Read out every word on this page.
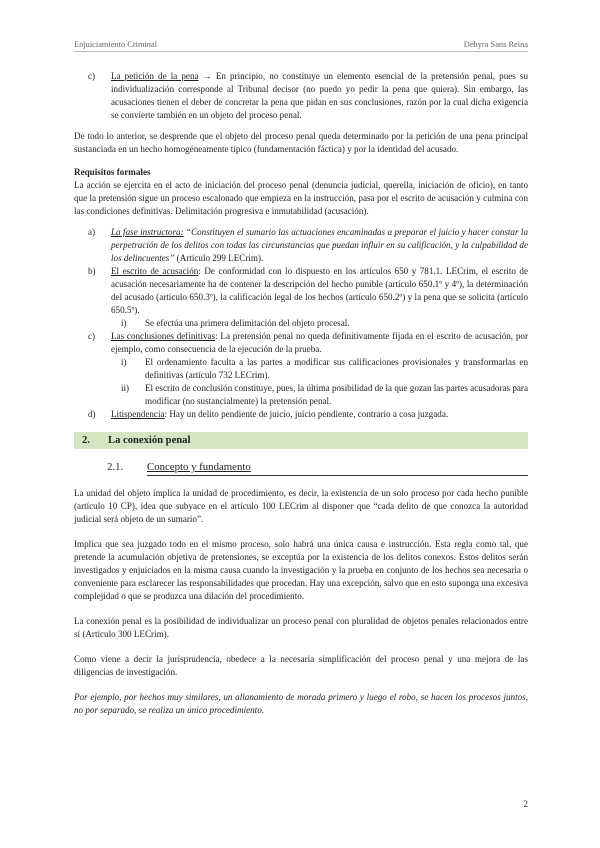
Enjuiciamiento Criminal	Dehyra Sans Reina
c) La petición de la pena → En principio, no constituye un elemento esencial de la pretensión penal, pues su individualización corresponde al Tribunal decisor (no puedo yo pedir la pena que quiera). Sin embargo, las acusaciones tienen el deber de concretar la pena que pidan en sus conclusiones, razón por la cual dicha exigencia se convierte también en un objeto del proceso penal.

De todo lo anterior, se desprende que el objeto del proceso penal queda determinado por la petición de una pena principal sustanciada en un hecho homogéneamente típico (fundamentación fáctica) y por la identidad del acusado.

Requisitos formales

La acción se ejercita en el acto de iniciación del proceso penal (denuncia judicial, querella, iniciación de oficio), en tanto que la pretensión sigue un proceso escalonado que empieza en la instrucción, pasa por el escrito de acusación y culmina con las condiciones definitivas. Delimitación progresiva e inmutabilidad (acusación).

a) La fase instructora: “Constituyen el sumario las actuaciones encaminadas a preparar el juicio y hacer constar la perpetración de los delitos con todas las circunstancias que puedan influir en su calificación, y la culpabilidad de los delincuentes” (Artículo 299 LECrim).
b) El escrito de acusación: De conformidad con lo dispuesto en los artículos 650 y 781.1. LECrim, el escrito de acusación necesariamente ha de contener la descripción del hecho punible (artículo 650.1º y 4º), la determinación del acusado (artículo 650.3º), la calificación legal de los hechos (artículo 650.2º) y la pena que se solicita (artículo 650.5º).
i) Se efectúa una primera delimitación del objeto procesal.
c) Las conclusiones definitivas: La pretensión penal no queda definitivamente fijada en el escrito de acusación, por ejemplo, como consecuencia de la ejecución de la prueba.
i) El ordenamiento faculta a las partes a modificar sus calificaciones provisionales y transformarlas en definitivas (artículo 732 LECrim).
ii) El escrito de conclusión constituye, pues, la última posibilidad de la que gozan las partes acusadoras para modificar (no sustancialmente) la pretensión penal.
d) Litispendencia: Hay un delito pendiente de juicio, juicio pendiente, contrario a cosa juzgada.
2. La conexión penal
2.1. Concepto y fundamento

La unidad del objeto implica la unidad de procedimiento, es decir, la existencia de un solo proceso por cada hecho punible (artículo 10 CP), idea que subyace en el artículo 100 LECrim al disponer que “cada delito de que conozca la autoridad judicial será objeto de un sumario”.

Implica que sea juzgado todo en el mismo proceso, solo habrá una única causa e instrucción. Esta regla como tal, que pretende la acumulación objetiva de pretensiones, se exceptúa por la existencia de los delitos conexos. Estos delitos serán investigados y enjuiciados en la misma causa cuando la investigación y la prueba en conjunto de los hechos sea necesaria o conveniente para esclarecer las responsabilidades que procedan. Hay una excepción, salvo que en esto suponga una excesiva complejidad o que se produzca una dilación del procedimiento.

La conexión penal es la posibilidad de individualizar un proceso penal con pluralidad de objetos penales relacionados entre sí (Artículo 300 LECrim).

Como viene a decir la jurisprudencia, obedece a la necesaria simplificación del proceso penal y una mejora de las diligencias de investigación.

Por ejemplo, por hechos muy similares, un allanamiento de morada primero y luego el robo, se hacen los procesos juntos, no por separado, se realiza un único procedimiento.

2
